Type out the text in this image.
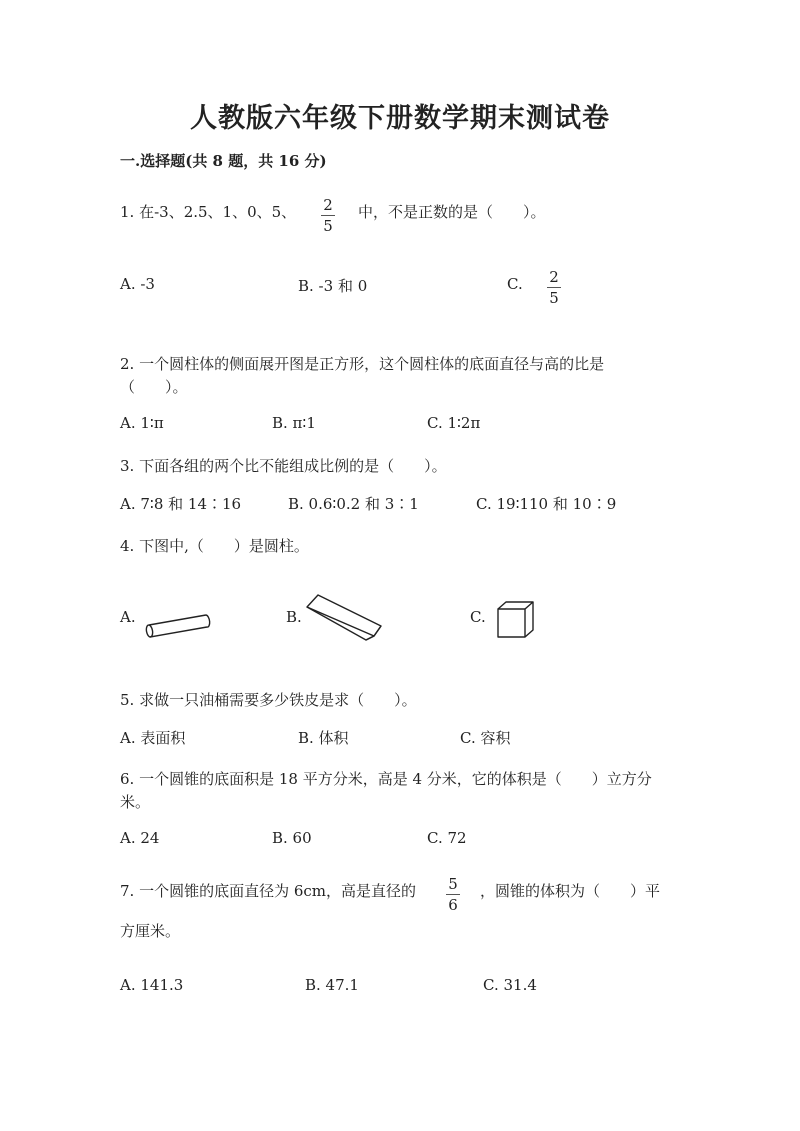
人教版六年级下册数学期末测试卷
一.选择题(共 8 题，共 16 分)
1. 在-3、2.5、1、0、5、	2
5
中，不是正数的是（　　）。
A. -3	B. -3 和 0	C.	2
5
2. 一个圆柱体的侧面展开图是正方形，这个圆柱体的底面直径与高的比是
（　　）。
A. 1∶π	B. π∶1	C. 1∶2π
3. 下面各组的两个比不能组成比例的是（　　）。
A. 7∶8 和 14∶16	B. 0.6∶0.2 和 3∶1	C. 19∶110 和 10∶9
4. 下图中,（　　）是圆柱。
A.	B.	C.
5. 求做一只油桶需要多少铁皮是求（　　）。
A. 表面积	B. 体积	C. 容积
6. 一个圆锥的底面积是 18 平方分米，高是 4 分米，它的体积是（　　）立方分
米。
A. 24	B. 60	C. 72
7. 一个圆锥的底面直径为 6cm，高是直径的	5
6
，圆锥的体积为（　　）平
方厘米。
A. 141.3	B. 47.1	C. 31.4
